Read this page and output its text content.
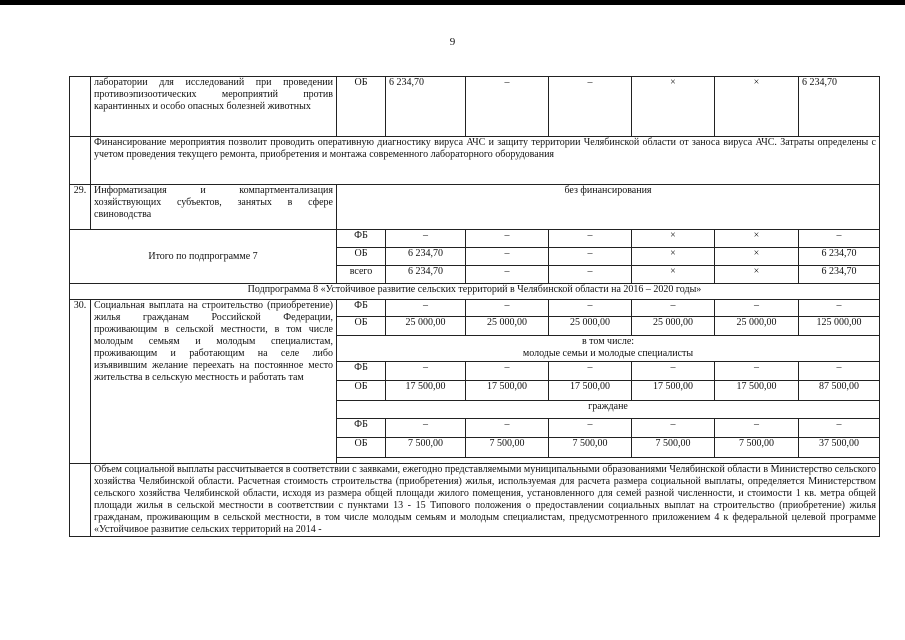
9
	лаборатории для исследований при проведении противоэпизоотических мероприятий против карантинных и особо опасных болезней животных	ОБ	6 234,70	–	–	×	×	6 234,70
	Финансирование мероприятия позволит проводить оперативную диагностику вируса АЧС и защиту территории Челябинской области от заноса вируса АЧС. Затраты определены с учетом проведения текущего ремонта, приобретения и монтажа современного лабораторного оборудования							
29.	Информатизация и компартментализация хозяйствующих субъектов, занятых в сфере свиноводства	без финансирования						
Итого по подпрограмме 7		ФБ	–	–	–	×	×	–
		ОБ	6 234,70	–	–	×	×	6 234,70
		всего	6 234,70	–	–	×	×	6 234,70
Подпрограмма 8 «Устойчивое развитие сельских территорий в Челябинской области на 2016 – 2020 годы»								
30.	Социальная выплата на строительство (приобретение) жилья гражданам Российской Федерации, проживающим в сельской местности, в том числе молодым семьям и молодым специалистам, проживающим и работающим на селе либо изъявившим желание переехать на постоянное место жительства в сельскую местность и работать там	ФБ	–	–	–	–	–	–
		ОБ	25 000,00	25 000,00	25 000,00	25 000,00	25 000,00	125 000,00

		в том числе:
молодые семьи и молодые специалисты						

		ФБ	–	–	–	–	–	–
		ОБ	17 500,00	17 500,00	17 500,00	17 500,00	17 500,00	87 500,00
		граждане						
		ФБ	–	–	–	–	–	–
		ОБ	7 500,00	7 500,00	7 500,00	7 500,00	7 500,00	37 500,00

	Объем социальной выплаты рассчитывается в соответствии с заявками, ежегодно представляемыми муниципальными образованиями Челябинской области в Министерство сельского хозяйства Челябинской области. Расчетная стоимость строительства (приобретения) жилья, используемая для расчета размера социальной выплаты, определяется Министерством сельского хозяйства Челябинской области, исходя из размера общей площади жилого помещения, установленного для семей разной численности, и стоимости 1 кв. метра общей площади жилья в сельской местности в соответствии с пунктами 13 - 15 Типового положения о предоставлении социальных выплат на строительство (приобретение) жилья гражданам, проживающим в сельской местности, в том числе молодым семьям и молодым специалистам, предусмотренного приложением 4 к федеральной целевой программе «Устойчивое развитие сельских территорий на 2014 -							
